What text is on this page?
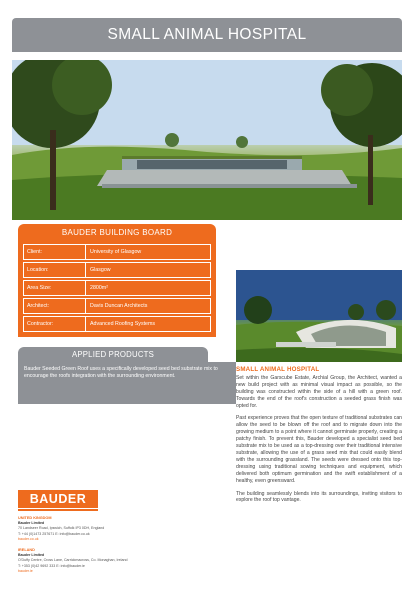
SMALL ANIMAL HOSPITAL
BAUDER BUILDING BOARD
Client:	University of Glasgow
Location:	Glasgow
Area Size:	2800m²
Architect:	Davis Duncan Architects
Contractor:	Advanced Roofing Systems
APPLIED PRODUCTS
Bauder Seeded Green Roof uses a specifically developed seed bed substrate mix to encourage the roofs integration with the surrounding environment.
SMALL ANIMAL HOSPITAL

Set within the Garscube Estate, Archial Group, the Architect, wanted a new build project with as minimal visual impact as possible, so the building was constructed within the side of a hill with a green roof. Towards the end of the roof's construction a seeded grass finish was opted for.

Past experience proves that the open texture of traditional substrates can allow the seed to be blown off the roof and to migrate down into the growing medium to a point where it cannot germinate properly, creating a patchy finish. To prevent this, Bauder developed a specialist seed bed substrate mix to be used as a top-dressing over their traditional intensive substrate, allowing the use of a grass seed mix that could easily blend with the surrounding grassland. The seeds were dressed onto this top-dressing using traditional sowing techniques and equipment, which delivered both optimum germination and the swift establishment of a healthy, even greensward.

The building seamlessly blends into its surroundings, inviting visitors to explore the roof top vantage.

BAUDER
UNITED KINGDOM
Bauder Limited
70 Landseer Road, Ipswich, Suffolk IP3 0DH, England
T: +44 (0)1473 257671 E: info@bauder.co.uk
bauder.co.uk
IRELAND
Bauder Limited
O'Duffy Centre, Cross Lane, Carrickmacross, Co. Monaghan, Ireland
T: +353 (0)42 9692 333 E: info@bauder.ie
bauder.ie
